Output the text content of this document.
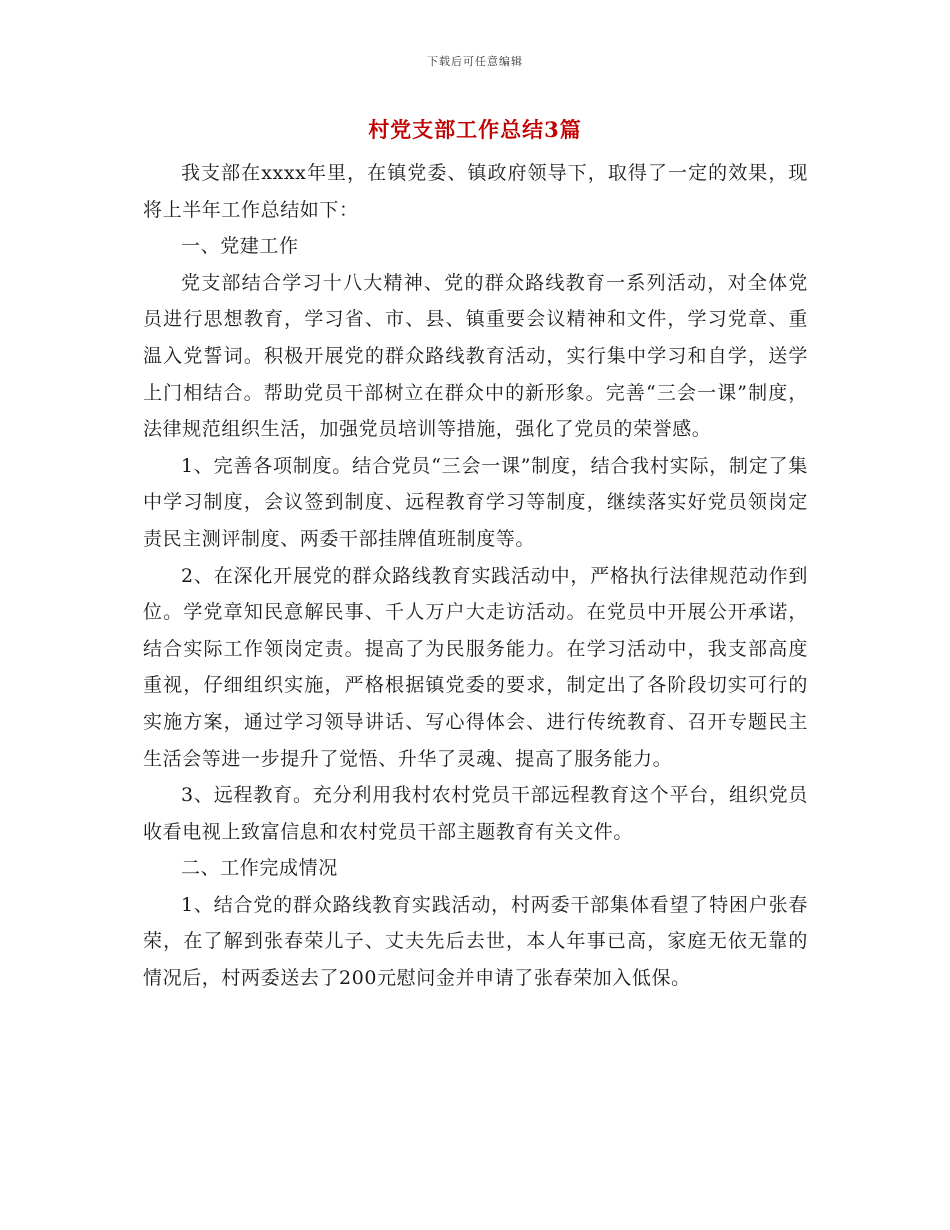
下载后可任意编辑
村党支部工作总结3篇

我支部在xxxx年里，在镇党委、镇政府领导下，取得了一定的效果，现将上半年工作总结如下：

一、党建工作

党支部结合学习十八大精神、党的群众路线教育一系列活动，对全体党员进行思想教育，学习省、市、县、镇重要会议精神和文件，学习党章、重温入党誓词。积极开展党的群众路线教育活动，实行集中学习和自学，送学上门相结合。帮助党员干部树立在群众中的新形象。完善“三会一课”制度，法律规范组织生活，加强党员培训等措施，强化了党员的荣誉感。

1、完善各项制度。结合党员“三会一课”制度，结合我村实际，制定了集中学习制度，会议签到制度、远程教育学习等制度，继续落实好党员领岗定责民主测评制度、两委干部挂牌值班制度等。

2、在深化开展党的群众路线教育实践活动中，严格执行法律规范动作到位。学党章知民意解民事、千人万户大走访活动。在党员中开展公开承诺，结合实际工作领岗定责。提高了为民服务能力。在学习活动中，我支部高度重视，仔细组织实施，严格根据镇党委的要求，制定出了各阶段切实可行的实施方案，通过学习领导讲话、写心得体会、进行传统教育、召开专题民主生活会等进一步提升了觉悟、升华了灵魂、提高了服务能力。

3、远程教育。充分利用我村农村党员干部远程教育这个平台，组织党员收看电视上致富信息和农村党员干部主题教育有关文件。

二、工作完成情况

1、结合党的群众路线教育实践活动，村两委干部集体看望了特困户张春荣，在了解到张春荣儿子、丈夫先后去世，本人年事已高，家庭无依无靠的情况后，村两委送去了200元慰问金并申请了张春荣加入低保。
